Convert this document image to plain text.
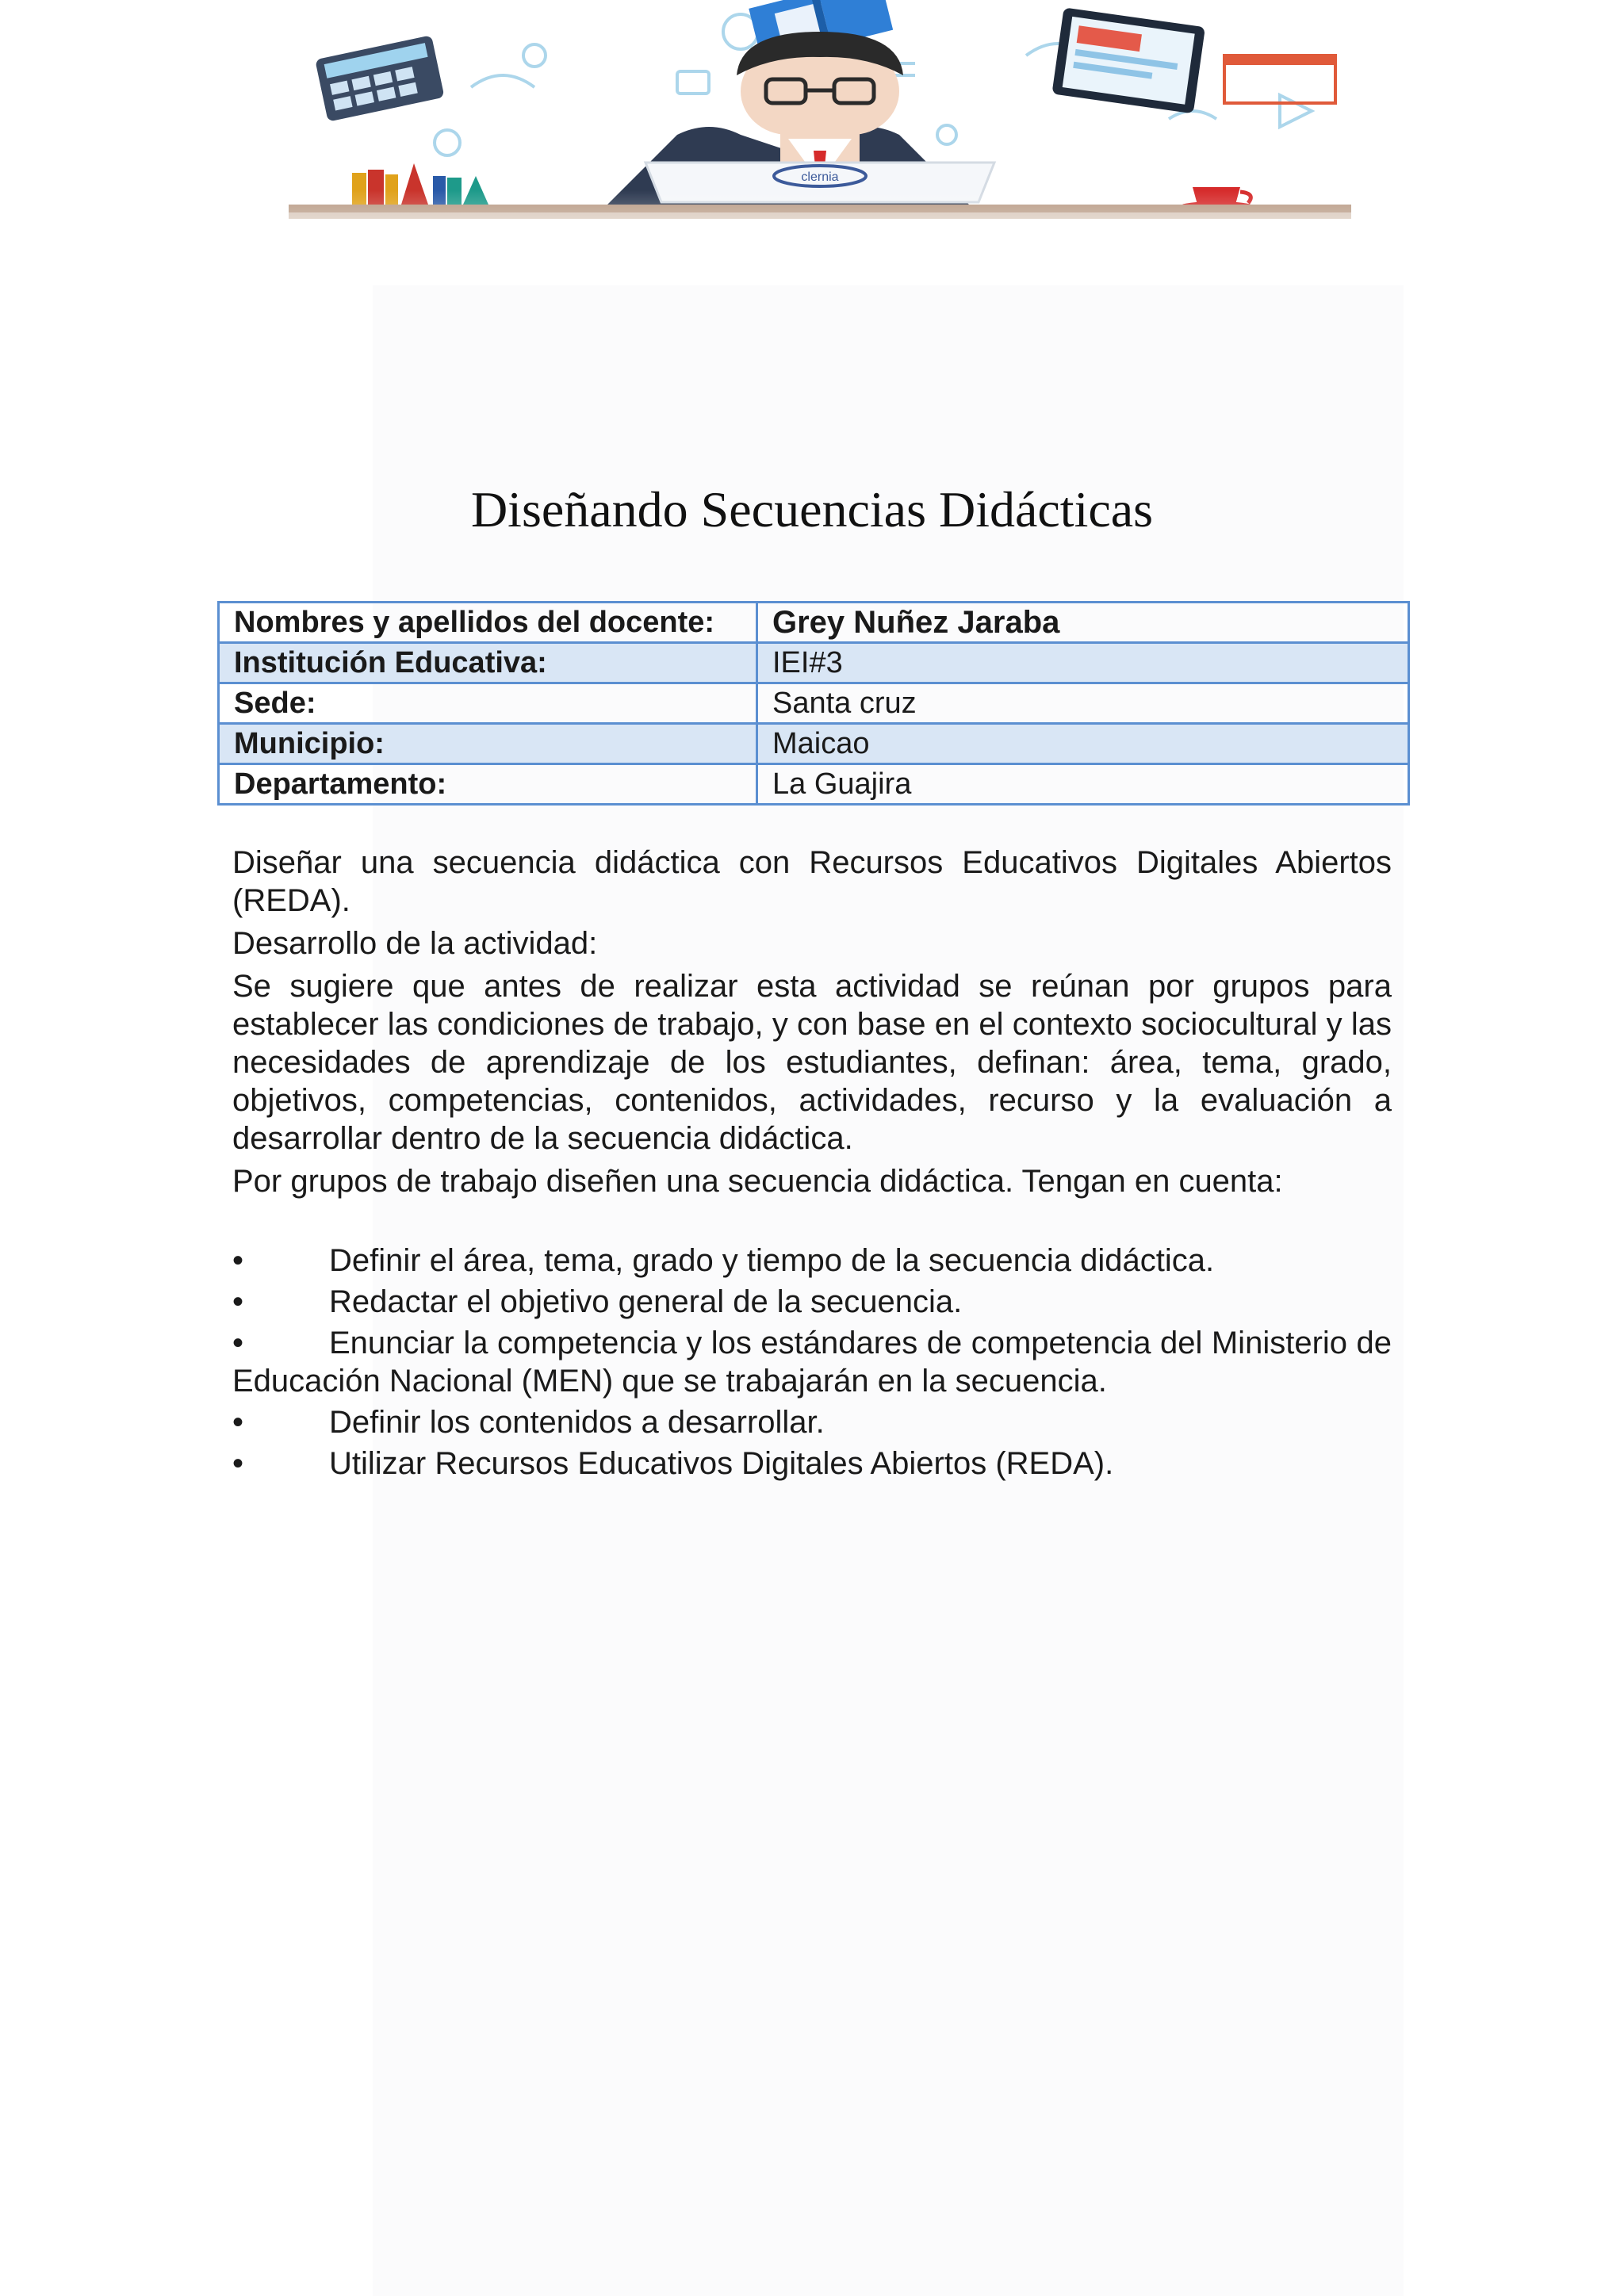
clernia
Diseñando Secuencias Didácticas
Nombres y apellidos del docente:	Grey Nuñez Jaraba
Institución Educativa:	IEI#3
Sede:	Santa cruz
Municipio:	Maicao
Departamento:	La Guajira

Diseñar una secuencia didáctica con Recursos Educativos Digitales Abiertos (REDA).

Desarrollo de la actividad:

Se sugiere que antes de realizar esta actividad se reúnan por grupos para establecer las condiciones de trabajo, y con base en el contexto sociocultural y las necesidades de aprendizaje de los estudiantes, definan: área, tema, grado, objetivos, competencias, contenidos, actividades, recurso y la evaluación a desarrollar dentro de la secuencia didáctica.

Por grupos de trabajo diseñen una secuencia didáctica. Tengan en cuenta:

•	Definir el área, tema, grado y tiempo de la secuencia didáctica.
•	Redactar el objetivo general de la secuencia.
•	Enunciar la competencia y los estándares de competencia del Ministerio de Educación Nacional (MEN) que se trabajarán en la secuencia.
•	Definir los contenidos a desarrollar.
•	Utilizar Recursos Educativos Digitales Abiertos (REDA).
